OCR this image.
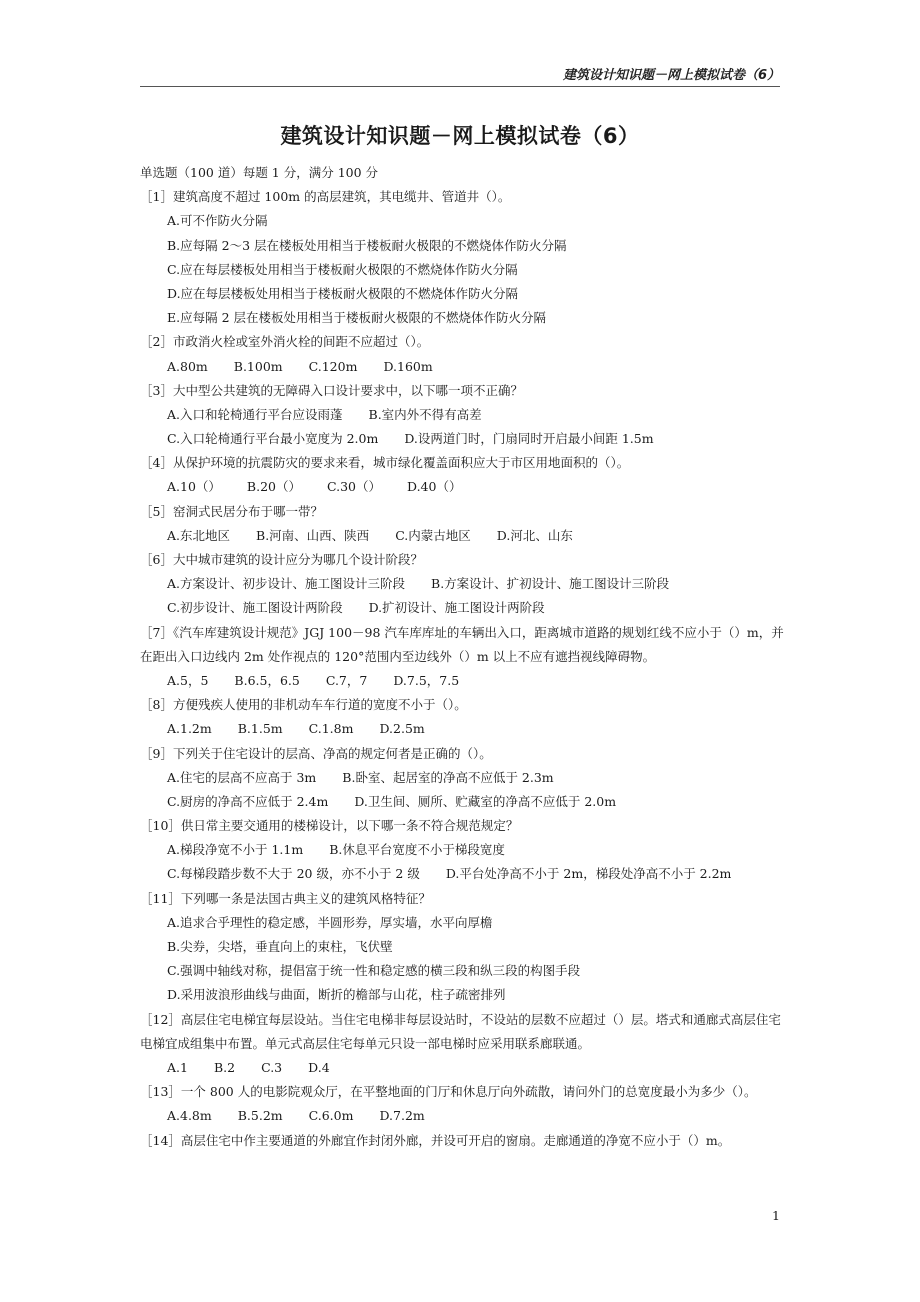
建筑设计知识题－网上模拟试卷（6）
建筑设计知识题－网上模拟试卷（6）
单选题（100 道）每题 1 分，满分 100 分
［1］建筑高度不超过 100m 的高层建筑，其电缆井、管道井（）。
A.可不作防火分隔
B.应每隔 2～3 层在楼板处用相当于楼板耐火极限的不燃烧体作防火分隔
C.应在每层楼板处用相当于楼板耐火极限的不燃烧体作防火分隔
D.应在每层楼板处用相当于楼板耐火极限的不燃烧体作防火分隔
E.应每隔 2 层在楼板处用相当于楼板耐火极限的不燃烧体作防火分隔
［2］市政消火栓或室外消火栓的间距不应超过（）。
A.80m B.100m C.120m D.160m
［3］大中型公共建筑的无障碍入口设计要求中，以下哪一项不正确？
A.入口和轮椅通行平台应设雨蓬 B.室内外不得有高差
C.入口轮椅通行平台最小宽度为 2.0m D.设两道门时，门扇同时开启最小间距 1.5m
［4］从保护环境的抗震防灾的要求来看，城市绿化覆盖面积应大于市区用地面积的（）。
A.10（） B.20（） C.30（） D.40（）
［5］窑洞式民居分布于哪一带？
A.东北地区 B.河南、山西、陕西 C.内蒙古地区 D.河北、山东
［6］大中城市建筑的设计应分为哪几个设计阶段？
A.方案设计、初步设计、施工图设计三阶段 B.方案设计、扩初设计、施工图设计三阶段
C.初步设计、施工图设计两阶段 D.扩初设计、施工图设计两阶段
［7］《汽车库建筑设计规范》JGJ 100－98 汽车库库址的车辆出入口，距离城市道路的规划红线不应小于（）m，并在距出入口边线内 2m 处作视点的 120°范围内至边线外（）m 以上不应有遮挡视线障碍物。
A.5，5 B.6.5，6.5 C.7，7 D.7.5，7.5
［8］方便残疾人使用的非机动车车行道的宽度不小于（）。
A.1.2m B.1.5m C.1.8m D.2.5m
［9］下列关于住宅设计的层高、净高的规定何者是正确的（）。
A.住宅的层高不应高于 3m B.卧室、起居室的净高不应低于 2.3m
C.厨房的净高不应低于 2.4m D.卫生间、厕所、贮藏室的净高不应低于 2.0m
［10］供日常主要交通用的楼梯设计，以下哪一条不符合规范规定？
A.梯段净宽不小于 1.1m B.休息平台宽度不小于梯段宽度
C.每梯段踏步数不大于 20 级，亦不小于 2 级 D.平台处净高不小于 2m，梯段处净高不小于 2.2m
［11］下列哪一条是法国古典主义的建筑风格特征？
A.追求合乎理性的稳定感，半圆形券，厚实墙，水平向厚檐
B.尖券，尖塔，垂直向上的束柱，飞伏壁
C.强调中轴线对称，提倡富于统一性和稳定感的横三段和纵三段的构图手段
D.采用波浪形曲线与曲面，断折的檐部与山花，柱子疏密排列
［12］高层住宅电梯宜每层设站。当住宅电梯非每层设站时，不设站的层数不应超过（）层。塔式和通廊式高层住宅电梯宜成组集中布置。单元式高层住宅每单元只设一部电梯时应采用联系廊联通。
A.1 B.2 C.3 D.4
［13］一个 800 人的电影院观众厅，在平整地面的门厅和休息厅向外疏散，请问外门的总宽度最小为多少（）。
A.4.8m B.5.2m C.6.0m D.7.2m
［14］高层住宅中作主要通道的外廊宜作封闭外廊，并设可开启的窗扇。走廊通道的净宽不应小于（）m。
1
